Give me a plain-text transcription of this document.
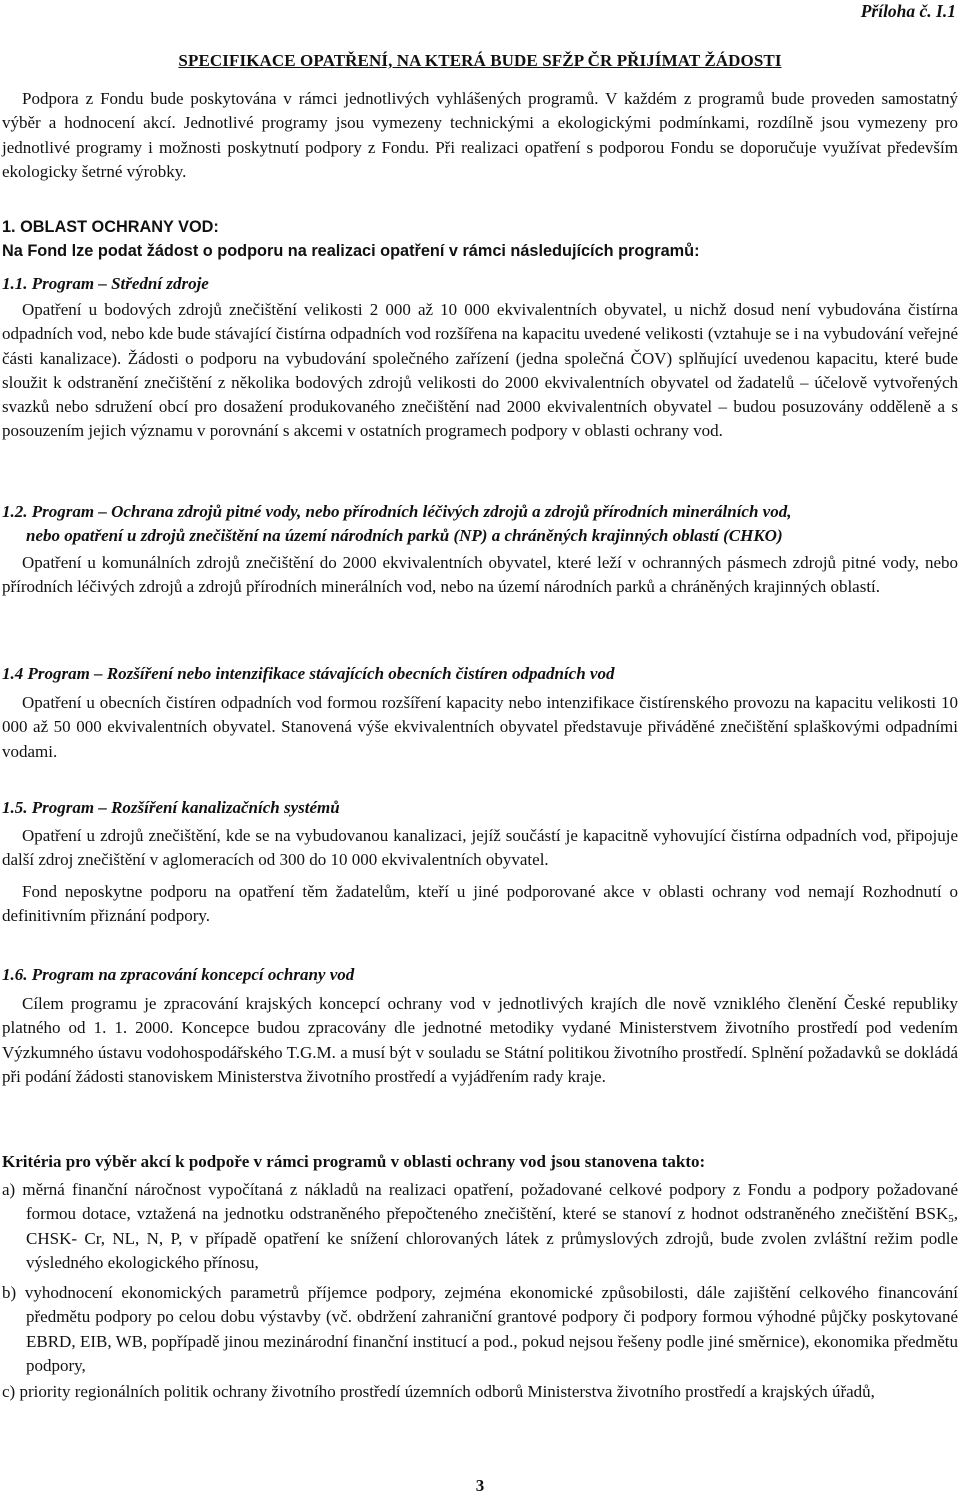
Příloha č. I.1
SPECIFIKACE OPATŘENÍ, NA KTERÁ BUDE SFŽP ČR PŘIJÍMAT ŽÁDOSTI

Podpora z Fondu bude poskytována v rámci jednotlivých vyhlášených programů. V každém z programů bude proveden samostatný výběr a hodnocení akcí. Jednotlivé programy jsou vymezeny technickými a ekologickými podmínkami, rozdílně jsou vymezeny pro jednotlivé programy i možnosti poskytnutí podpory z Fondu. Při realizaci opatření s podporou Fondu se doporučuje využívat především ekologicky šetrné výrobky.

1. OBLAST OCHRANY VOD:
Na Fond lze podat žádost o podporu na realizaci opatření v rámci následujících programů:
1.1. Program – Střední zdroje

Opatření u bodových zdrojů znečištění velikosti 2 000 až 10 000 ekvivalentních obyvatel, u nichž dosud není vybudována čistírna odpadních vod, nebo kde bude stávající čistírna odpadních vod rozšířena na kapacitu uvedené velikosti (vztahuje se i na vybudování veřejné části kanalizace). Žádosti o podporu na vybudování společného zařízení (jedna společná ČOV) splňující uvedenou kapacitu, které bude sloužit k odstranění znečištění z několika bodových zdrojů velikosti do 2000 ekvivalentních obyvatel od žadatelů – účelově vytvořených svazků nebo sdružení obcí pro dosažení produkovaného znečištění nad 2000 ekvivalentních obyvatel – budou posuzovány odděleně a s posouzením jejich významu v porovnání s akcemi v ostatních programech podpory v oblasti ochrany vod.

1.2. Program – Ochrana zdrojů pitné vody, nebo přírodních léčivých zdrojů a zdrojů přírodních minerálních vod,
nebo opatření u zdrojů znečištění na území národních parků (NP) a chráněných krajinných oblastí (CHKO)

Opatření u komunálních zdrojů znečištění do 2000 ekvivalentních obyvatel, které leží v ochranných pásmech zdrojů pitné vody, nebo přírodních léčivých zdrojů a zdrojů přírodních minerálních vod, nebo na území národních parků a chráněných krajinných oblastí.

1.4 Program – Rozšíření nebo intenzifikace stávajících obecních čistíren odpadních vod

Opatření u obecních čistíren odpadních vod formou rozšíření kapacity nebo intenzifikace čistírenského provozu na kapacitu velikosti 10 000 až 50 000 ekvivalentních obyvatel. Stanovená výše ekvivalentních obyvatel představuje přiváděné znečištění splaškovými odpadními vodami.

1.5. Program – Rozšíření kanalizačních systémů

Opatření u zdrojů znečištění, kde se na vybudovanou kanalizaci, jejíž součástí je kapacitně vyhovující čistírna odpadních vod, připojuje další zdroj znečištění v aglomeracích od 300 do 10 000 ekvivalentních obyvatel.

Fond neposkytne podporu na opatření těm žadatelům, kteří u jiné podporované akce v oblasti ochrany vod nemají Rozhodnutí o definitivním přiznání podpory.

1.6. Program na zpracování koncepcí ochrany vod

Cílem programu je zpracování krajských koncepcí ochrany vod v jednotlivých krajích dle nově vzniklého členění České republiky platného od 1. 1. 2000. Koncepce budou zpracovány dle jednotné metodiky vydané Ministerstvem životního prostředí pod vedením Výzkumného ústavu vodohospodářského T.G.M. a musí být v souladu se Státní politikou životního prostředí. Splnění požadavků se dokládá při podání žádosti stanoviskem Ministerstva životního prostředí a vyjádřením rady kraje.

Kritéria pro výběr akcí k podpoře v rámci programů v oblasti ochrany vod jsou stanovena takto:

a) měrná finanční náročnost vypočítaná z nákladů na realizaci opatření, požadované celkové podpory z Fondu a podpory požadované formou dotace, vztažená na jednotku odstraněného přepočteného znečištění, které se stanoví z hodnot odstraněného znečištění $BSK_5$, CHSK- Cr, NL, N, P, v případě opatření ke snížení chlorovaných látek z průmyslových zdrojů, bude zvolen zvláštní režim podle výsledného ekologického přínosu,

b) vyhodnocení ekonomických parametrů příjemce podpory, zejména ekonomické způsobilosti, dále zajištění celkového financování předmětu podpory po celou dobu výstavby (vč. obdržení zahraniční grantové podpory či podpory formou výhodné půjčky poskytované EBRD, EIB, WB, popřípadě jinou mezinárodní finanční institucí a pod., pokud nejsou řešeny podle jiné směrnice), ekonomika předmětu podpory,

c) priority regionálních politik ochrany životního prostředí územních odborů Ministerstva životního prostředí a krajských úřadů,

3
